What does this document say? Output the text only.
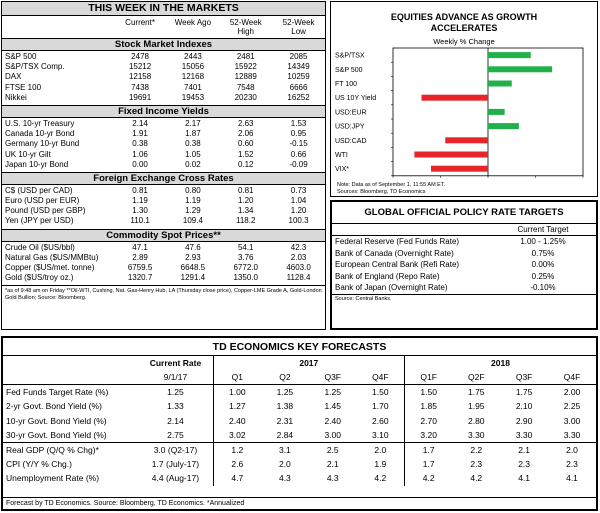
THIS WEEK IN THE MARKETS
Current*	Week Ago	52-Week
High
52-Week
Low
Stock Market Indexes
S&P 500	2478	2443	2481	2085
S&P/TSX Comp.	15212	15056	15922	14349
DAX	12158	12168	12889	10259
FTSE 100	7438	7401	7548	6666
Nikkei	19691	19453	20230	16252
Fixed Income Yields
U.S. 10-yr Treasury	2.14	2.17	2.63	1.53
Canada 10-yr Bond	1.91	1.87	2.06	0.95
Germany 10-yr Bund	0.38	0.38	0.60	-0.15
UK 10-yr Gilt	1.06	1.05	1.52	0.66
Japan 10-yr Bond	0.00	0.02	0.12	-0.09
Foreign Exchange Cross Rates
C$ (USD per CAD)	0.81	0.80	0.81	0.73
Euro (USD per EUR)	1.19	1.19	1.20	1.04
Pound (USD per GBP)	1.30	1.29	1.34	1.20
Yen (JPY per USD)	110.1	109.4	118.2	100.3
Commodity Spot Prices**
Crude Oil ($US/bbl)	47.1	47.6	54.1	42.3
Natural Gas ($US/MMBtu)	2.89	2.93	3.76	2.03
Copper ($US/met. tonne)	6759.5	6648.5	6772.0	4603.0
Gold ($US/troy oz.)	1320.7	1291.4	1350.0	1128.4
*as of 9:48 am on Friday **Oil-WTI, Cushing, Nat. Gas-Henry Hub, LA (Thursday close price), Copper-LME Grade A, Gold-London Gold Bullion; Source: Bloomberg.
EQUITIES ADVANCE AS GROWTH
ACCELERATES
Weekly % Change
S&P/TSX
S&P 500
FT 100
US 10Y Yield
USD:EUR
USD:JPY
USD:CAD
WTI
VIX*
Note: Data as of September 1, 11:55 AM ET.
Sources: Bloomberg, TD Economics
GLOBAL OFFICIAL POLICY RATE TARGETS
Current Target
Federal Reserve (Fed Funds Rate)	1.00 - 1.25%
Bank of Canada (Overnight Rate)	0.75%
European Central Bank (Refi Rate)	0.00%
Bank of England (Repo Rate)	0.25%
Bank of Japan (Overnight Rate)	-0.10%
Source: Central Banks.
TD ECONOMICS KEY FORECASTS
	Current Rate	2017				2018			
	9/1/17	Q1	Q2	Q3F	Q4F	Q1F	Q2F	Q3F	Q4F
Fed Funds Target Rate (%)	1.25	1.00	1.25	1.25	1.50	1.50	1.75	1.75	2.00
2-yr Govt. Bond Yield (%)	1.33	1.27	1.38	1.45	1.70	1.85	1.95	2.10	2.25
10-yr Govt. Bond Yield (%)	2.14	2.40	2.31	2.40	2.60	2.70	2.80	2.90	3.00
30-yr Govt. Bond Yield (%)	2.75	3.02	2.84	3.00	3.10	3.20	3.30	3.30	3.30
Real GDP (Q/Q % Chg)*	3.0 (Q2-17)	1.2	3.1	2.5	2.0	1.7	2.2	2.1	2.0
CPI (Y/Y % Chg.)	1.7 (July-17)	2.6	2.0	2.1	1.9	1.7	2.3	2.3	2.3
Unemployment Rate (%)	4.4 (Aug-17)	4.7	4.3	4.3	4.2	4.2	4.2	4.1	4.1
Forecast by TD Economics. Source: Bloomberg, TD Economics. *Annualized
